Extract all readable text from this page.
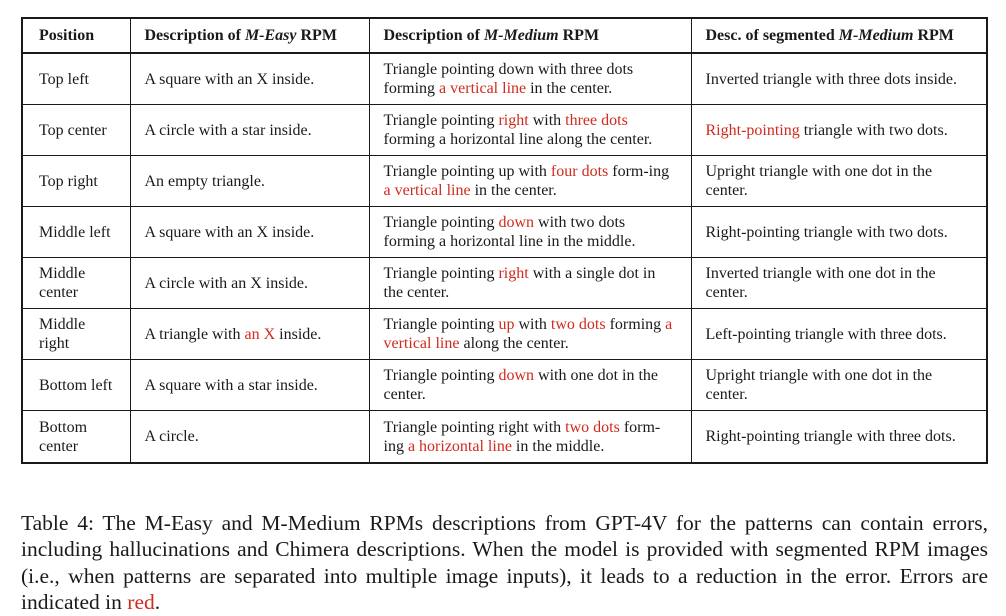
Position	Description of M-Easy RPM	Description of M-Medium RPM	Desc. of segmented M-Medium RPM
Top left	A square with an X inside.	Triangle pointing down with three dots forming a vertical line in the center.	Inverted triangle with three dots inside.
Top center	A circle with a star inside.	Triangle pointing right with three dots forming a horizontal line along the center.	Right-pointing triangle with two dots.
Top right	An empty triangle.	Triangle pointing up with four dots form-ing a vertical line in the center.	Upright triangle with one dot in the center.
Middle left	A square with an X inside.	Triangle pointing down with two dots forming a horizontal line in the middle.	Right-pointing triangle with two dots.
Middle center	A circle with an X inside.	Triangle pointing right with a single dot in the center.	Inverted triangle with one dot in the center.
Middle right	A triangle with an X inside.	Triangle pointing up with two dots forming a vertical line along the center.	Left-pointing triangle with three dots.
Bottom left	A square with a star inside.	Triangle pointing down with one dot in the center.	Upright triangle with one dot in the center.
Bottom center	A circle.	Triangle pointing right with two dots form-ing a horizontal line in the middle.	Right-pointing triangle with three dots.

Table 4: The M-Easy and M-Medium RPMs descriptions from GPT-4V for the patterns can contain errors, including hallucinations and Chimera descriptions. When the model is provided with segmented RPM images (i.e., when patterns are separated into multiple image inputs), it leads to a reduction in the error. Errors are indicated in red.
